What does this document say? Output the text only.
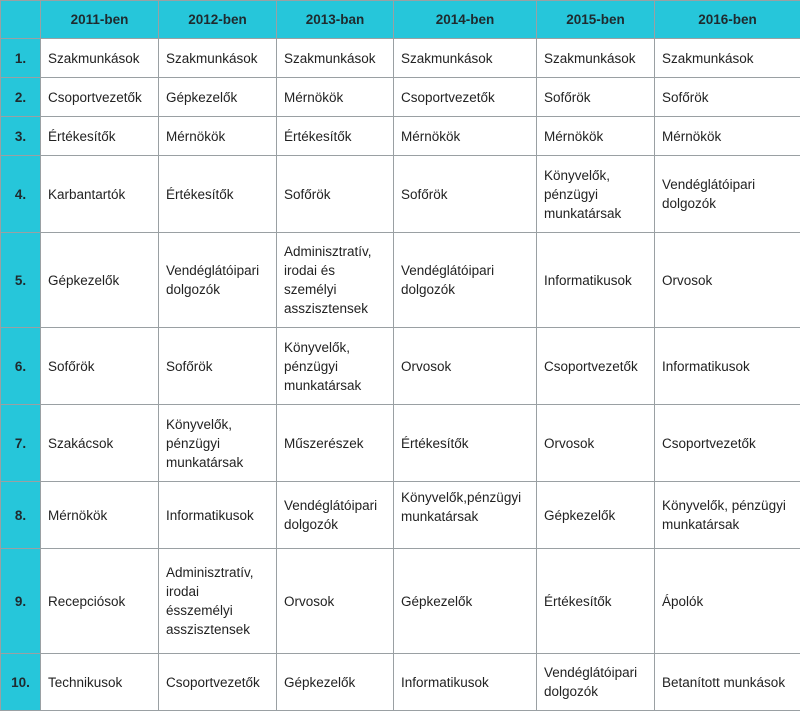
	2011-ben	2012-ben	2013-ban	2014-ben	2015-ben	2016-ben
1.	Szakmunkások	Szakmunkások	Szakmunkások	Szakmunkások	Szakmunkások	Szakmunkások
2.	Csoportvezetők	Gépkezelők	Mérnökök	Csoportvezetők	Sofőrök	Sofőrök
3.	Értékesítők	Mérnökök	Értékesítők	Mérnökök	Mérnökök	Mérnökök
4.	Karbantartók	Értékesítők	Sofőrök	Sofőrök	Könyvelők, pénzügyi munkatársak	Vendéglátóipari dolgozók
5.	Gépkezelők	Vendéglátóipari dolgozók	Adminisztratív, irodai és személyi asszisztensek	Vendéglátóipari dolgozók	Informatikusok	Orvosok
6.	Sofőrök	Sofőrök	Könyvelők, pénzügyi munkatársak	Orvosok	Csoportvezetők	Informatikusok
7.	Szakácsok	Könyvelők, pénzügyi munkatársak	Műszerészek	Értékesítők	Orvosok	Csoportvezetők
8.	Mérnökök	Informatikusok	Vendéglátóipari dolgozók	Könyvelők,pénzügyi munkatársak	Gépkezelők	Könyvelők, pénzügyi munkatársak
9.	Recepciósok	Adminisztratív, irodai ésszemélyi asszisztensek	Orvosok	Gépkezelők	Értékesítők	Ápolók
10.	Technikusok	Csoportvezetők	Gépkezelők	Informatikusok	Vendéglátóipari dolgozók	Betanított munkások
